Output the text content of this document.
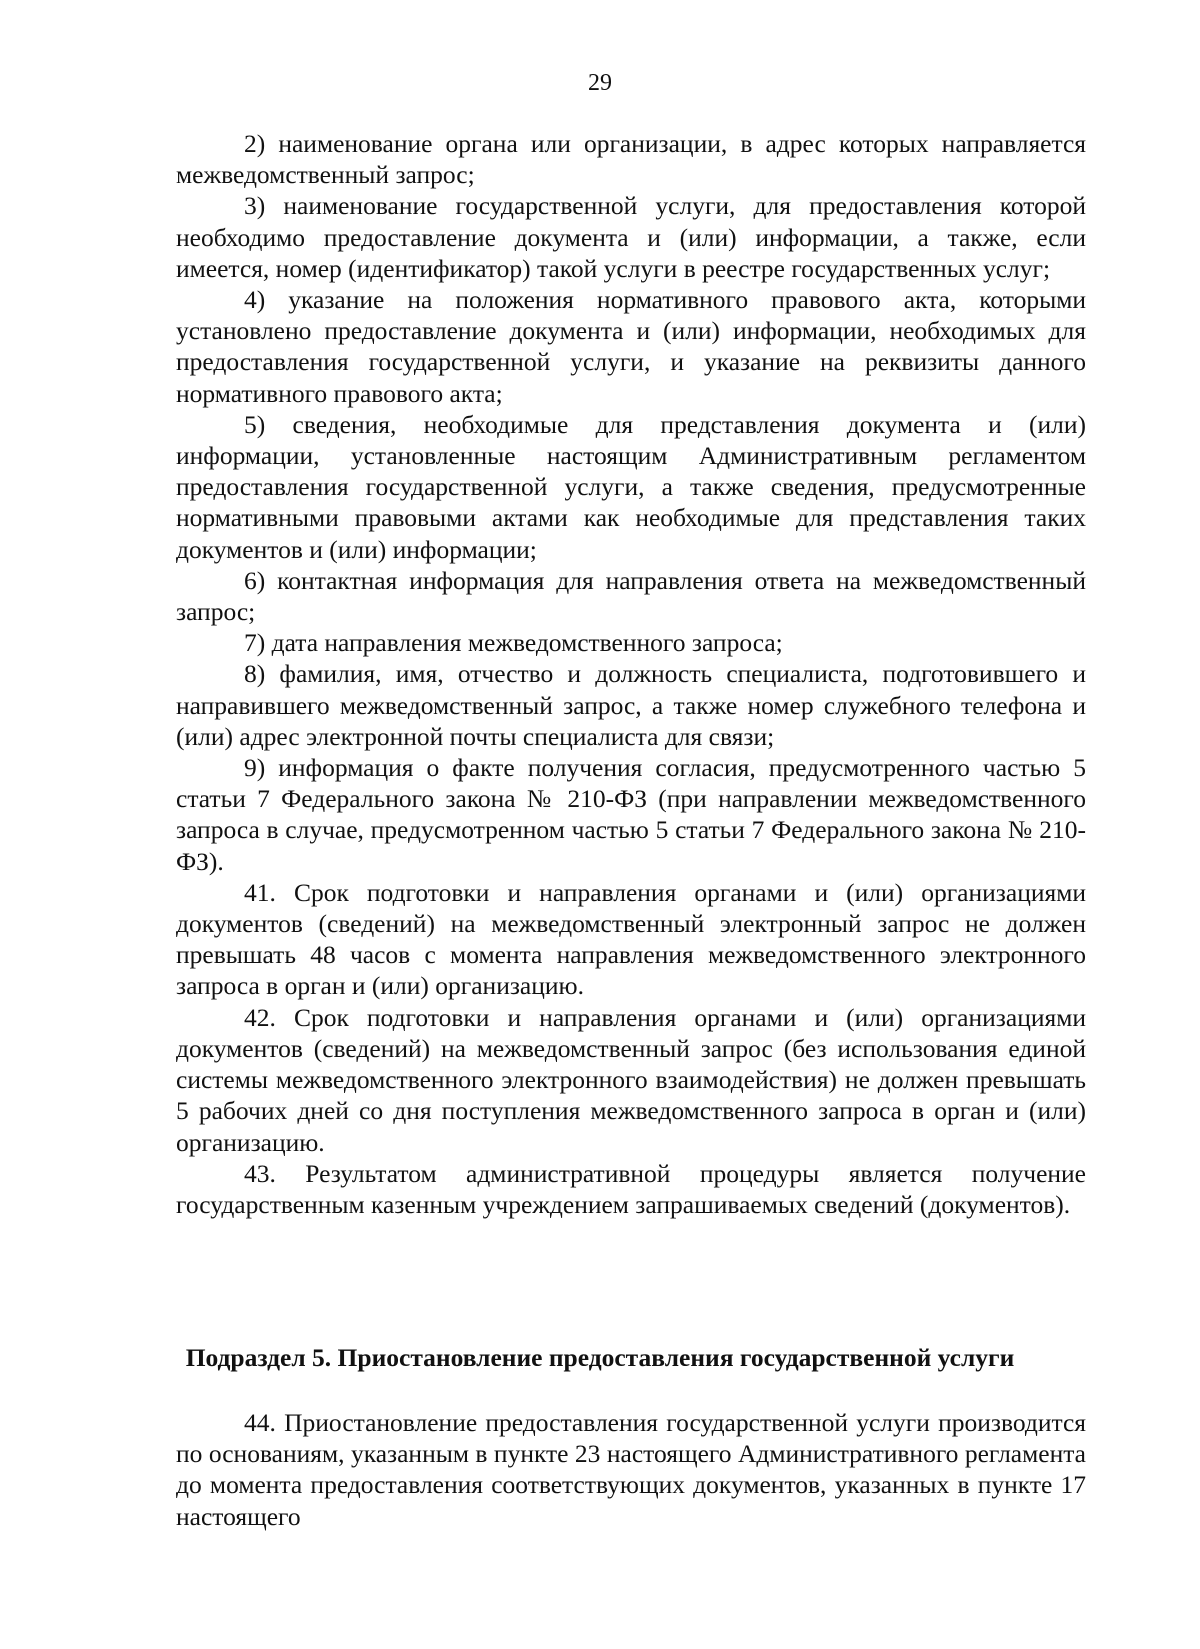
29

2) наименование органа или организации, в адрес которых направляется межведомственный запрос;

3) наименование государственной услуги, для предоставления которой необходимо предоставление документа и (или) информации, а также, если имеется, номер (идентификатор) такой услуги в реестре государственных услуг;

4) указание на положения нормативного правового акта, которыми установлено предоставление документа и (или) информации, необходимых для предоставления государственной услуги, и указание на реквизиты данного нормативного правового акта;

5) сведения, необходимые для представления документа и (или) информации, установленные настоящим Административным регламентом предоставления государственной услуги, а также сведения, предусмотренные нормативными правовыми актами как необходимые для представления таких документов и (или) информации;

6) контактная информация для направления ответа на межведомственный запрос;

7) дата направления межведомственного запроса;

8) фамилия, имя, отчество и должность специалиста, подготовившего и направившего межведомственный запрос, а также номер служебного телефона и (или) адрес электронной почты специалиста для связи;

9) информация о факте получения согласия, предусмотренного частью 5 статьи 7 Федерального закона № 210-ФЗ (при направлении межведомственного запроса в случае, предусмотренном частью 5 статьи 7 Федерального закона № 210-ФЗ).

41. Срок подготовки и направления органами и (или) организациями документов (сведений) на межведомственный электронный запрос не должен превышать 48 часов с момента направления межведомственного электронного запроса в орган и (или) организацию.

42. Срок подготовки и направления органами и (или) организациями документов (сведений) на межведомственный запрос (без использования единой системы межведомственного электронного взаимодействия) не должен превышать 5 рабочих дней со дня поступления межведомственного запроса в орган и (или) организацию.

43. Результатом административной процедуры является получение государственным казенным учреждением запрашиваемых сведений (документов).

Подраздел 5. Приостановление предоставления государственной услуги

44. Приостановление предоставления государственной услуги производится по основаниям, указанным в пункте 23 настоящего Административного регламента до момента предоставления соответствующих документов, указанных в пункте 17 настоящего
